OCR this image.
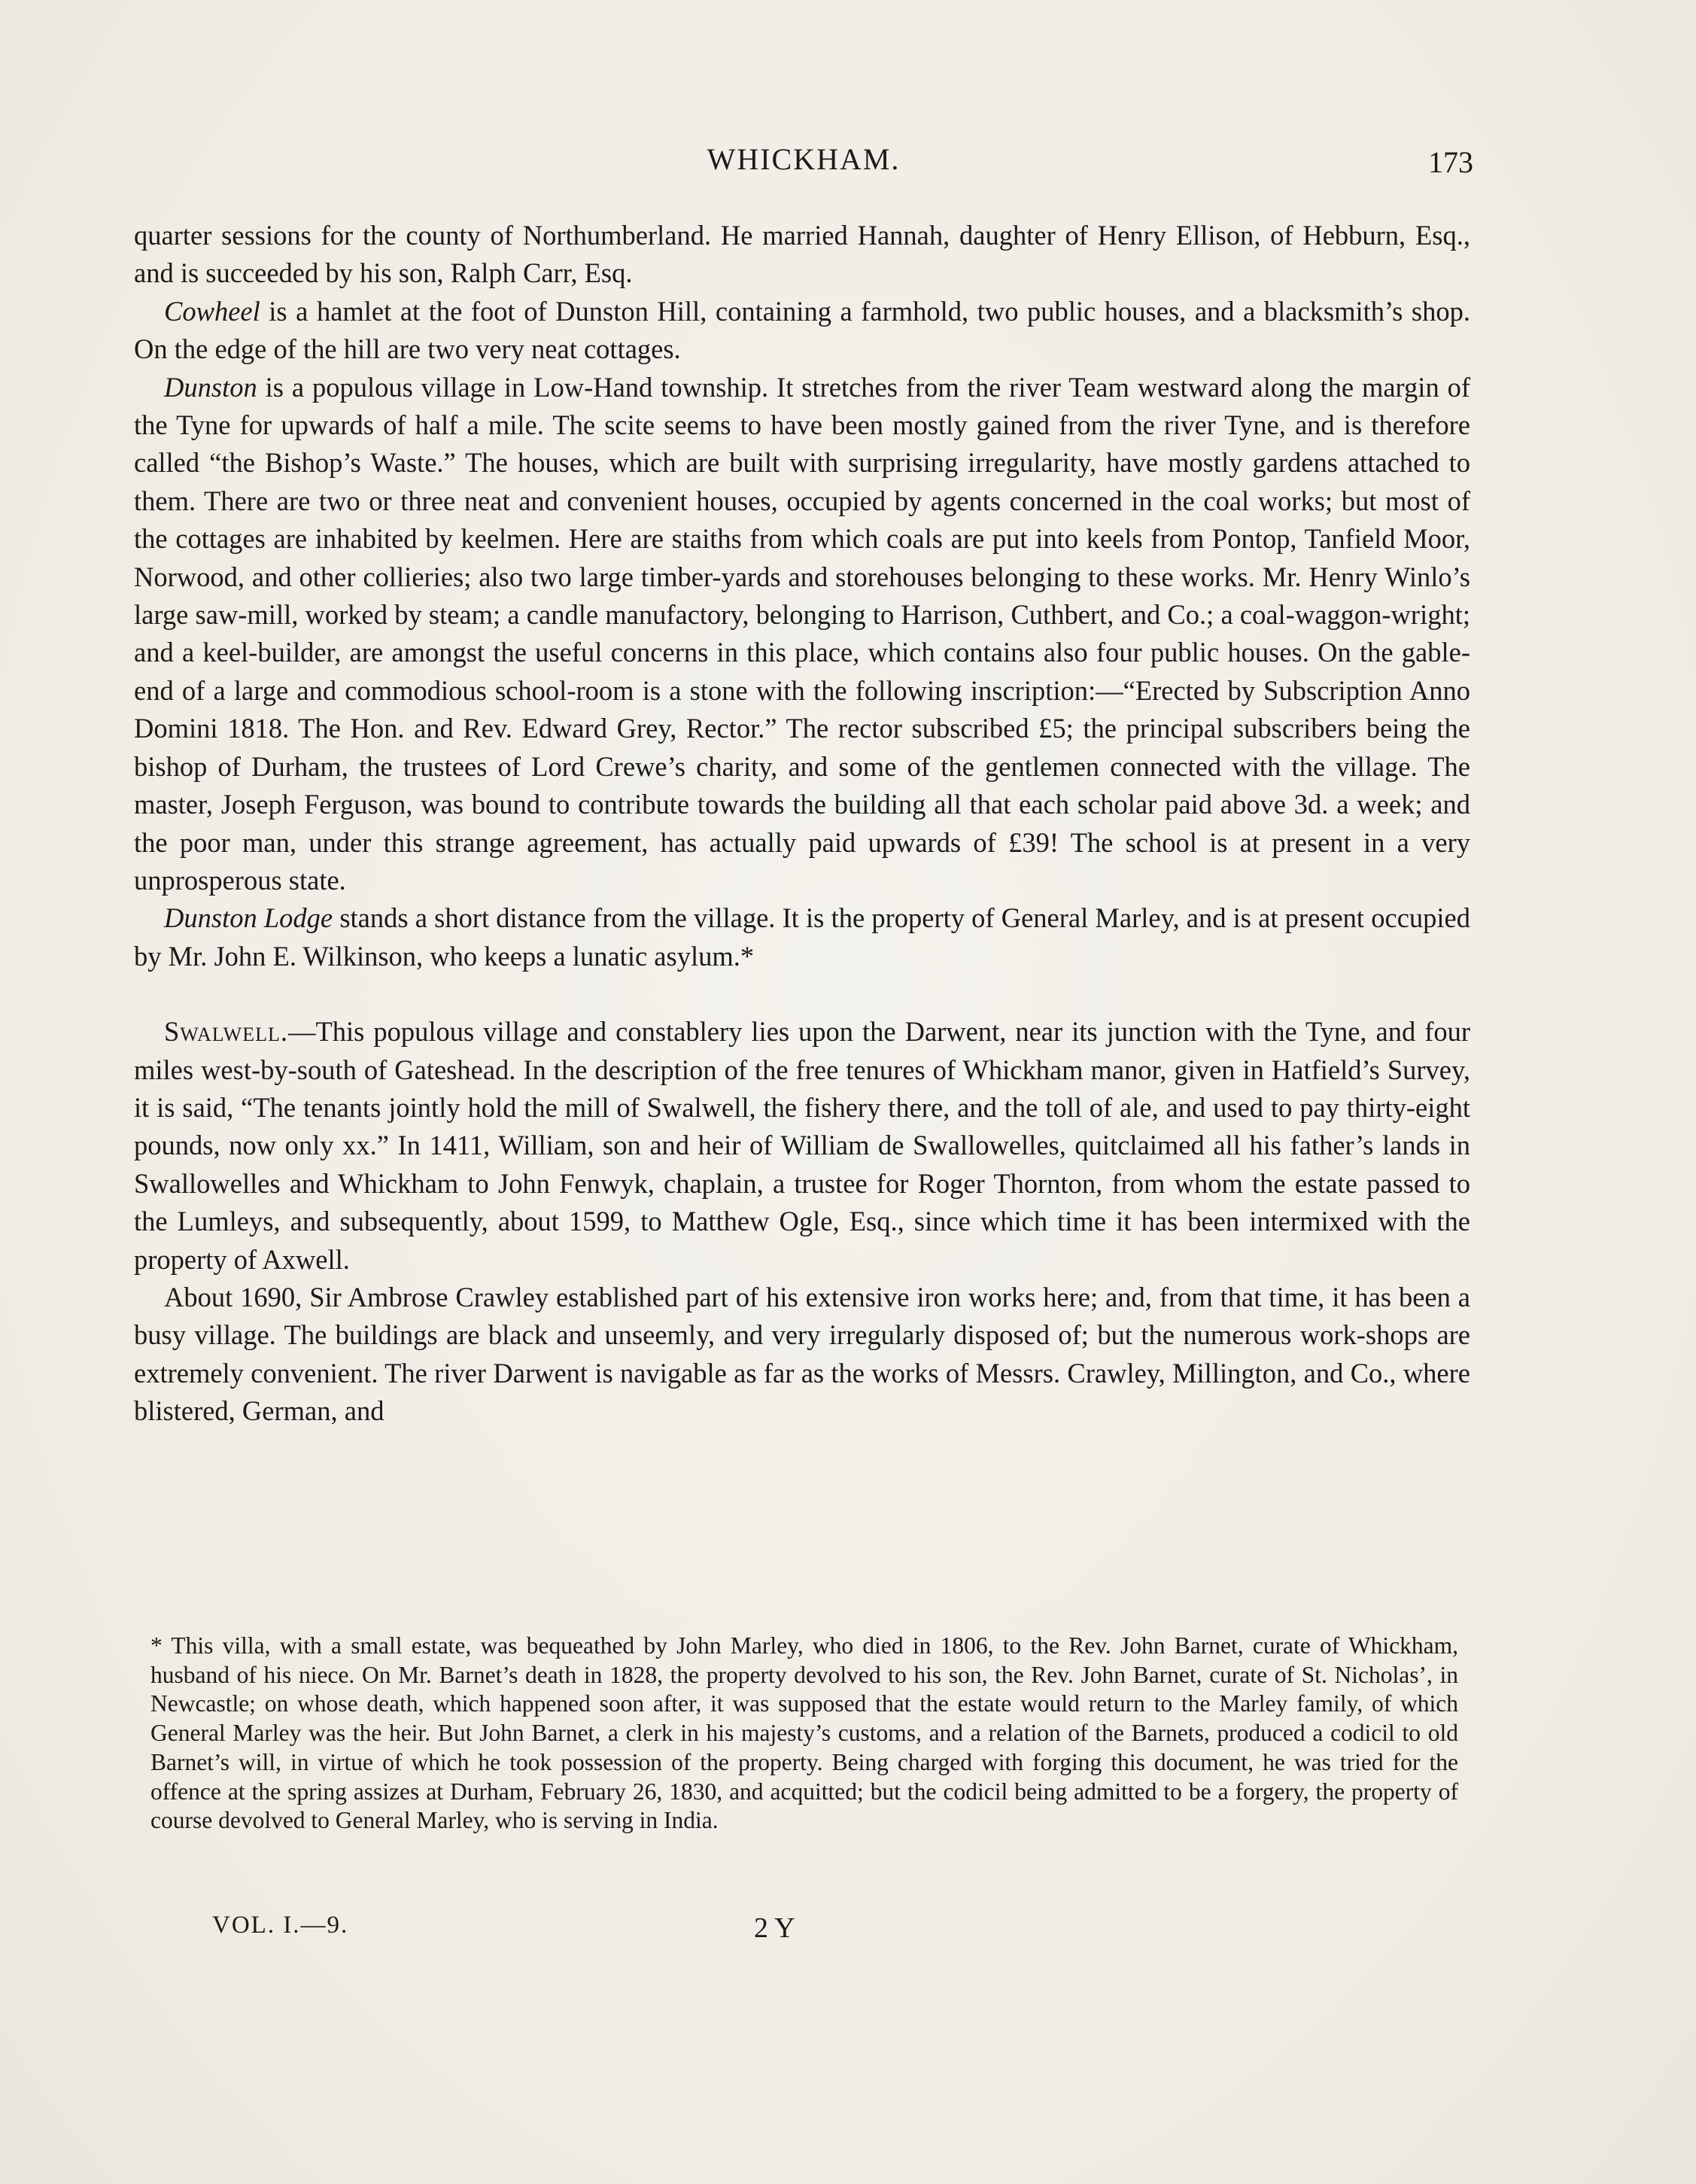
WHICKHAM.	173

quarter sessions for the county of Northumberland. He married Hannah, daughter of Henry Ellison, of Hebburn, Esq., and is succeeded by his son, Ralph Carr, Esq.

Cowheel is a hamlet at the foot of Dunston Hill, containing a farmhold, two public houses, and a blacksmith’s shop. On the edge of the hill are two very neat cottages.

Dunston is a populous village in Low-Hand township. It stretches from the river Team westward along the margin of the Tyne for upwards of half a mile. The scite seems to have been mostly gained from the river Tyne, and is therefore called “the Bishop’s Waste.” The houses, which are built with surprising irregularity, have mostly gardens attached to them. There are two or three neat and convenient houses, occupied by agents concerned in the coal works; but most of the cottages are inhabited by keelmen. Here are staiths from which coals are put into keels from Pontop, Tanfield Moor, Norwood, and other collieries; also two large timber-yards and storehouses belonging to these works. Mr. Henry Winlo’s large saw-mill, worked by steam; a candle manufactory, belonging to Harrison, Cuthbert, and Co.; a coal-waggon-wright; and a keel-builder, are amongst the useful concerns in this place, which contains also four public houses. On the gable-end of a large and commodious school-room is a stone with the following inscription:—“Erected by Subscription Anno Domini 1818. The Hon. and Rev. Edward Grey, Rector.” The rector subscribed £5; the principal subscribers being the bishop of Durham, the trustees of Lord Crewe’s charity, and some of the gentlemen connected with the village. The master, Joseph Ferguson, was bound to contribute towards the building all that each scholar paid above 3d. a week; and the poor man, under this strange agreement, has actually paid upwards of £39! The school is at present in a very unprosperous state.

Dunston Lodge stands a short distance from the village. It is the property of General Marley, and is at present occupied by Mr. John E. Wilkinson, who keeps a lunatic asylum.*

Swalwell.—This populous village and constablery lies upon the Darwent, near its junction with the Tyne, and four miles west-by-south of Gateshead. In the description of the free tenures of Whickham manor, given in Hatfield’s Survey, it is said, “The tenants jointly hold the mill of Swalwell, the fishery there, and the toll of ale, and used to pay thirty-eight pounds, now only xx.” In 1411, William, son and heir of William de Swallowelles, quitclaimed all his father’s lands in Swallowelles and Whickham to John Fenwyk, chaplain, a trustee for Roger Thornton, from whom the estate passed to the Lumleys, and subsequently, about 1599, to Matthew Ogle, Esq., since which time it has been intermixed with the property of Axwell.

About 1690, Sir Ambrose Crawley established part of his extensive iron works here; and, from that time, it has been a busy village. The buildings are black and unseemly, and very irregularly disposed of; but the numerous work-shops are extremely convenient. The river Darwent is navigable as far as the works of Messrs. Crawley, Millington, and Co., where blistered, German, and

* This villa, with a small estate, was bequeathed by John Marley, who died in 1806, to the Rev. John Barnet, curate of Whickham, husband of his niece. On Mr. Barnet’s death in 1828, the property devolved to his son, the Rev. John Barnet, curate of St. Nicholas’, in Newcastle; on whose death, which happened soon after, it was supposed that the estate would return to the Marley family, of which General Marley was the heir. But John Barnet, a clerk in his majesty’s customs, and a relation of the Barnets, produced a codicil to old Barnet’s will, in virtue of which he took possession of the property. Being charged with forging this document, he was tried for the offence at the spring assizes at Durham, February 26, 1830, and acquitted; but the codicil being admitted to be a forgery, the property of course devolved to General Marley, who is serving in India.

VOL. I.—9.	2 Y
